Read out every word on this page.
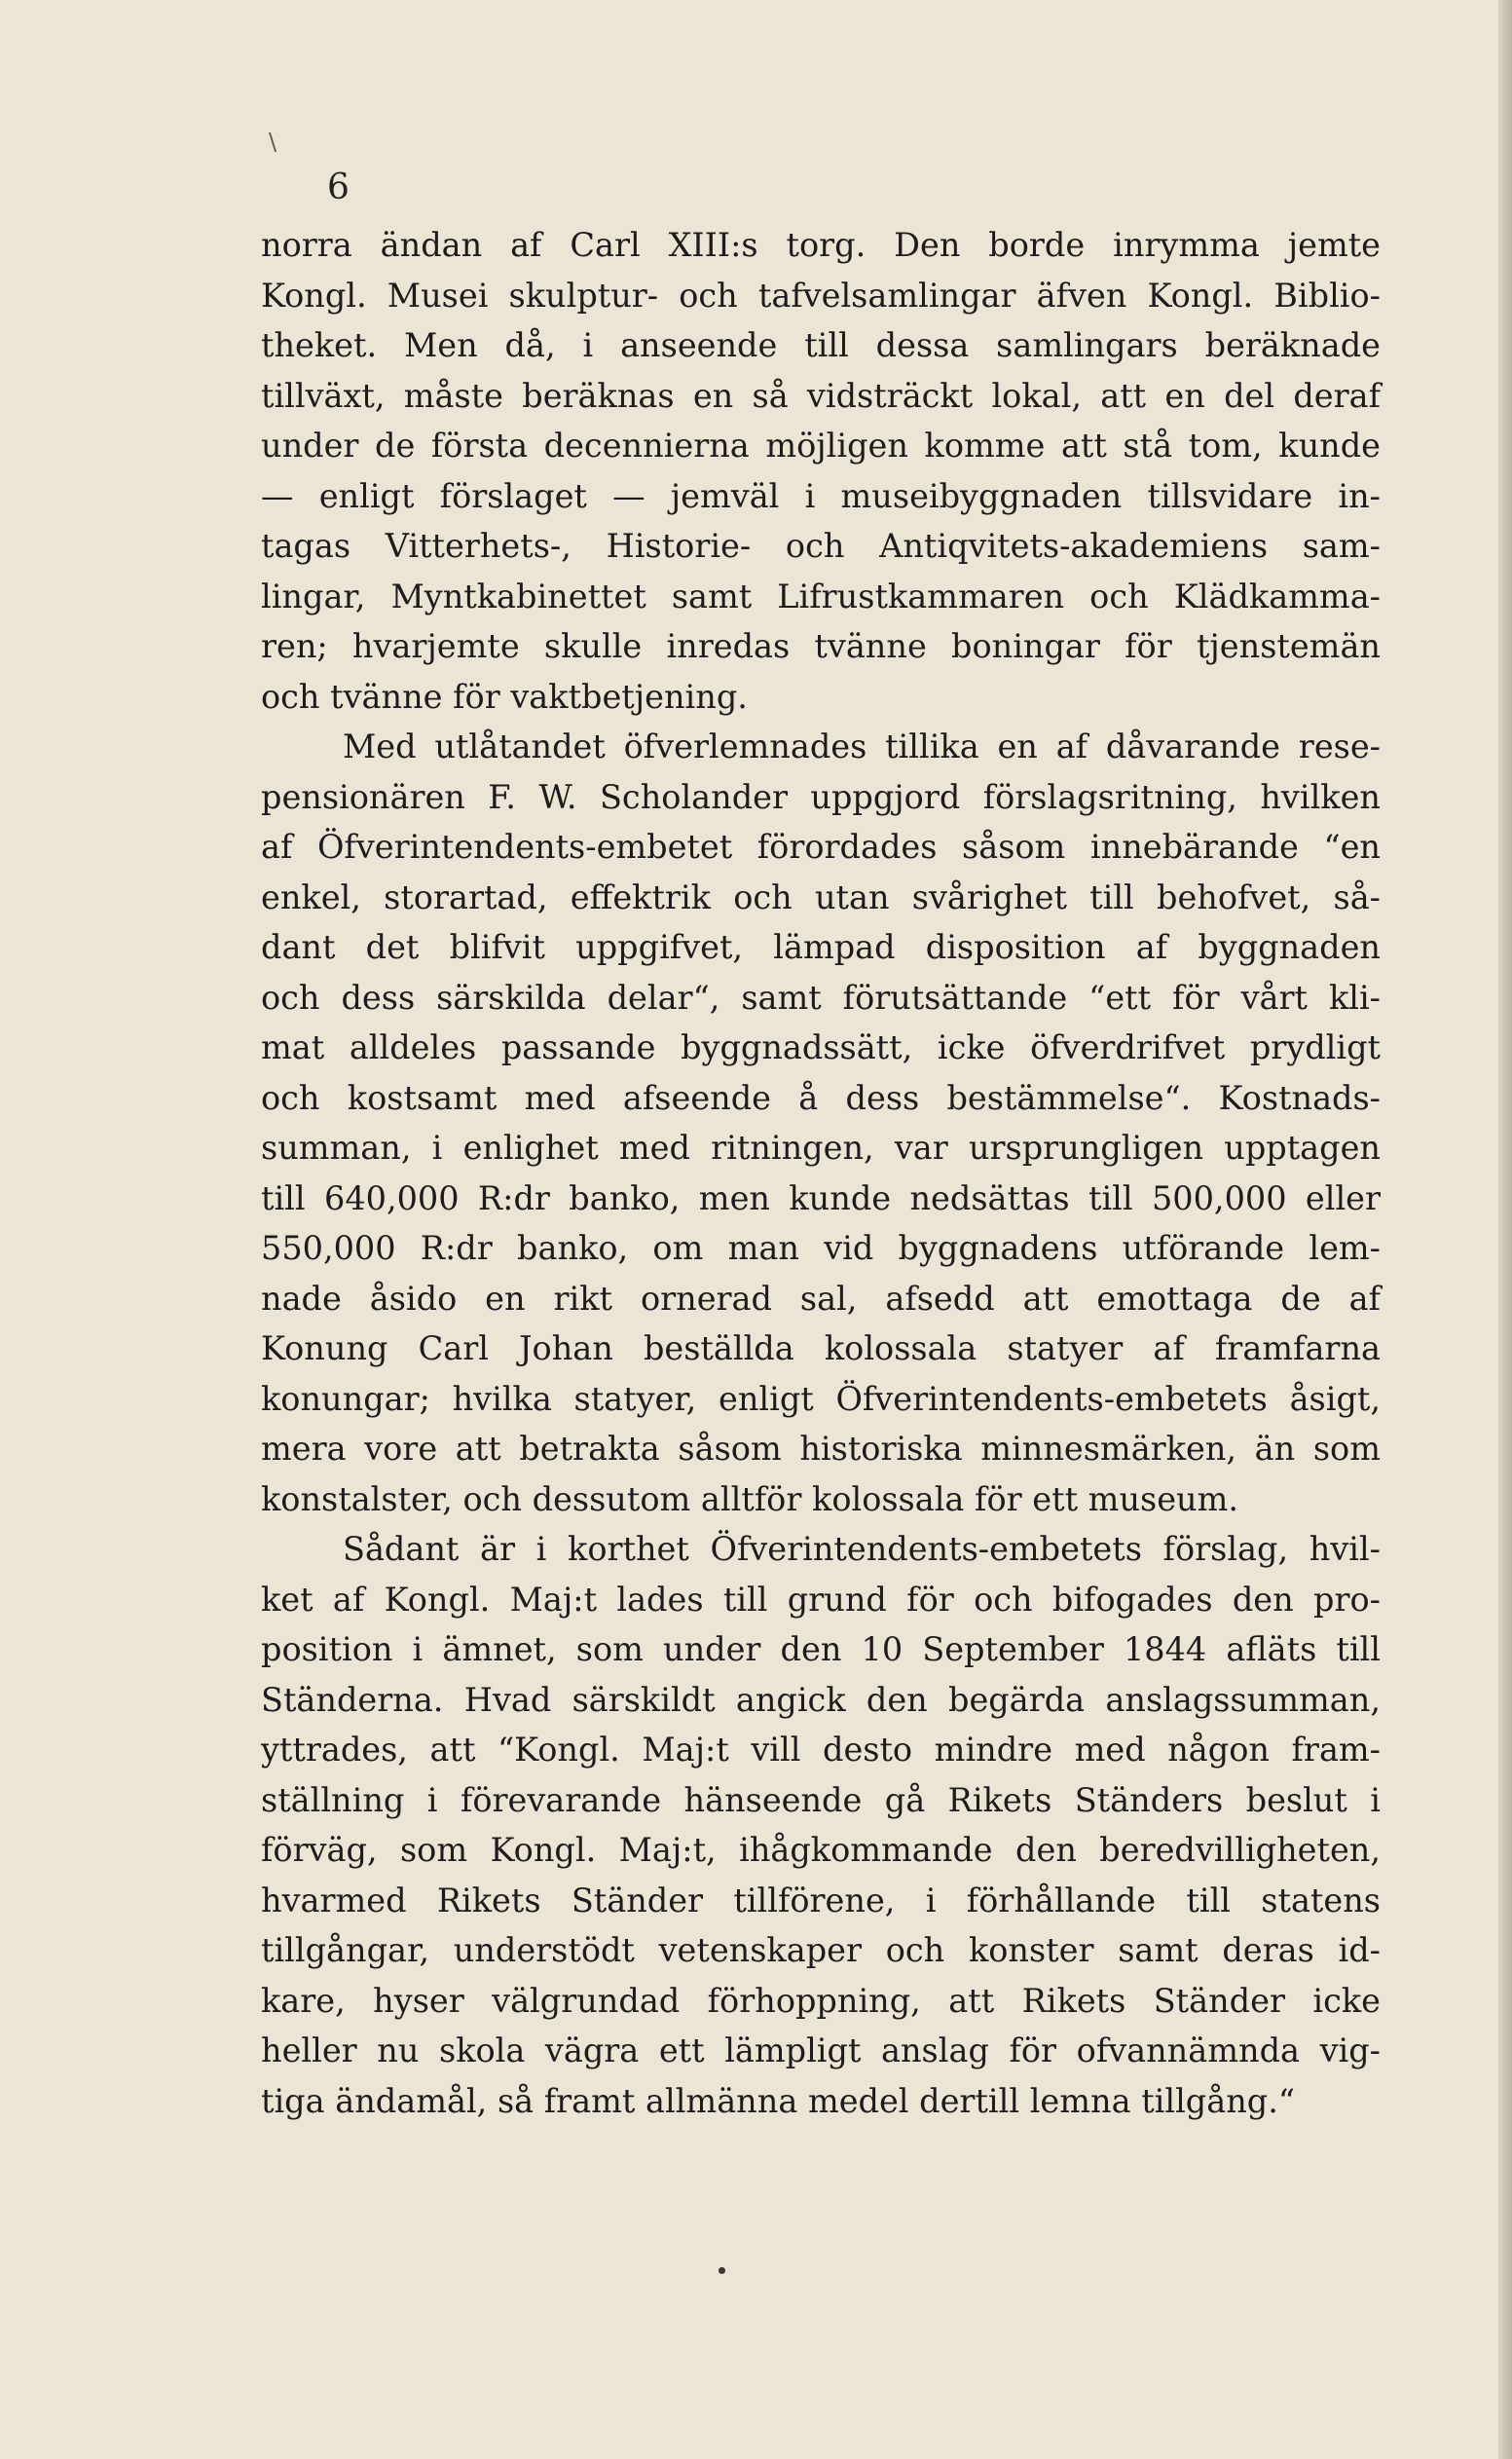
\
6
norra ändan af Carl XIII:s torg. Den borde inrymma jemte
Kongl. Musei skulptur- och tafvelsamlingar äfven Kongl. Biblio-
theket. Men då, i anseende till dessa samlingars beräknade
tillväxt, måste beräknas en så vidsträckt lokal, att en del deraf
under de första decennierna möjligen komme att stå tom, kunde
— enligt förslaget — jemväl i museibyggnaden tillsvidare in-
tagas Vitterhets-, Historie- och Antiqvitets-akademiens sam-
lingar, Myntkabinettet samt Lifrustkammaren och Klädkamma-
ren; hvarjemte skulle inredas tvänne boningar för tjenstemän
och tvänne för vaktbetjening.
Med utlåtandet öfverlemnades tillika en af dåvarande rese-
pensionären F. W. Scholander uppgjord förslagsritning, hvilken
af Öfverintendents-embetet förordades såsom innebärande “en
enkel, storartad, effektrik och utan svårighet till behofvet, så-
dant det blifvit uppgifvet, lämpad disposition af byggnaden
och dess särskilda delar“, samt förutsättande “ett för vårt kli-
mat alldeles passande byggnadssätt, icke öfverdrifvet prydligt
och kostsamt med afseende å dess bestämmelse“. Kostnads-
summan, i enlighet med ritningen, var ursprungligen upptagen
till 640,000 R:dr banko, men kunde nedsättas till 500,000 eller
550,000 R:dr banko, om man vid byggnadens utförande lem-
nade åsido en rikt ornerad sal, afsedd att emottaga de af
Konung Carl Johan beställda kolossala statyer af framfarna
konungar; hvilka statyer, enligt Öfverintendents-embetets åsigt,
mera vore att betrakta såsom historiska minnesmärken, än som
konstalster, och dessutom alltför kolossala för ett museum.
Sådant är i korthet Öfverintendents-embetets förslag, hvil-
ket af Kongl. Maj:t lades till grund för och bifogades den pro-
position i ämnet, som under den 10 September 1844 afläts till
Ständerna. Hvad särskildt angick den begärda anslagssumman,
yttrades, att “Kongl. Maj:t vill desto mindre med någon fram-
ställning i förevarande hänseende gå Rikets Ständers beslut i
förväg, som Kongl. Maj:t, ihågkommande den beredvilligheten,
hvarmed Rikets Ständer tillförene, i förhållande till statens
tillgångar, understödt vetenskaper och konster samt deras id-
kare, hyser välgrundad förhoppning, att Rikets Ständer icke
heller nu skola vägra ett lämpligt anslag för ofvannämnda vig-
tiga ändamål, så framt allmänna medel dertill lemna tillgång.“
